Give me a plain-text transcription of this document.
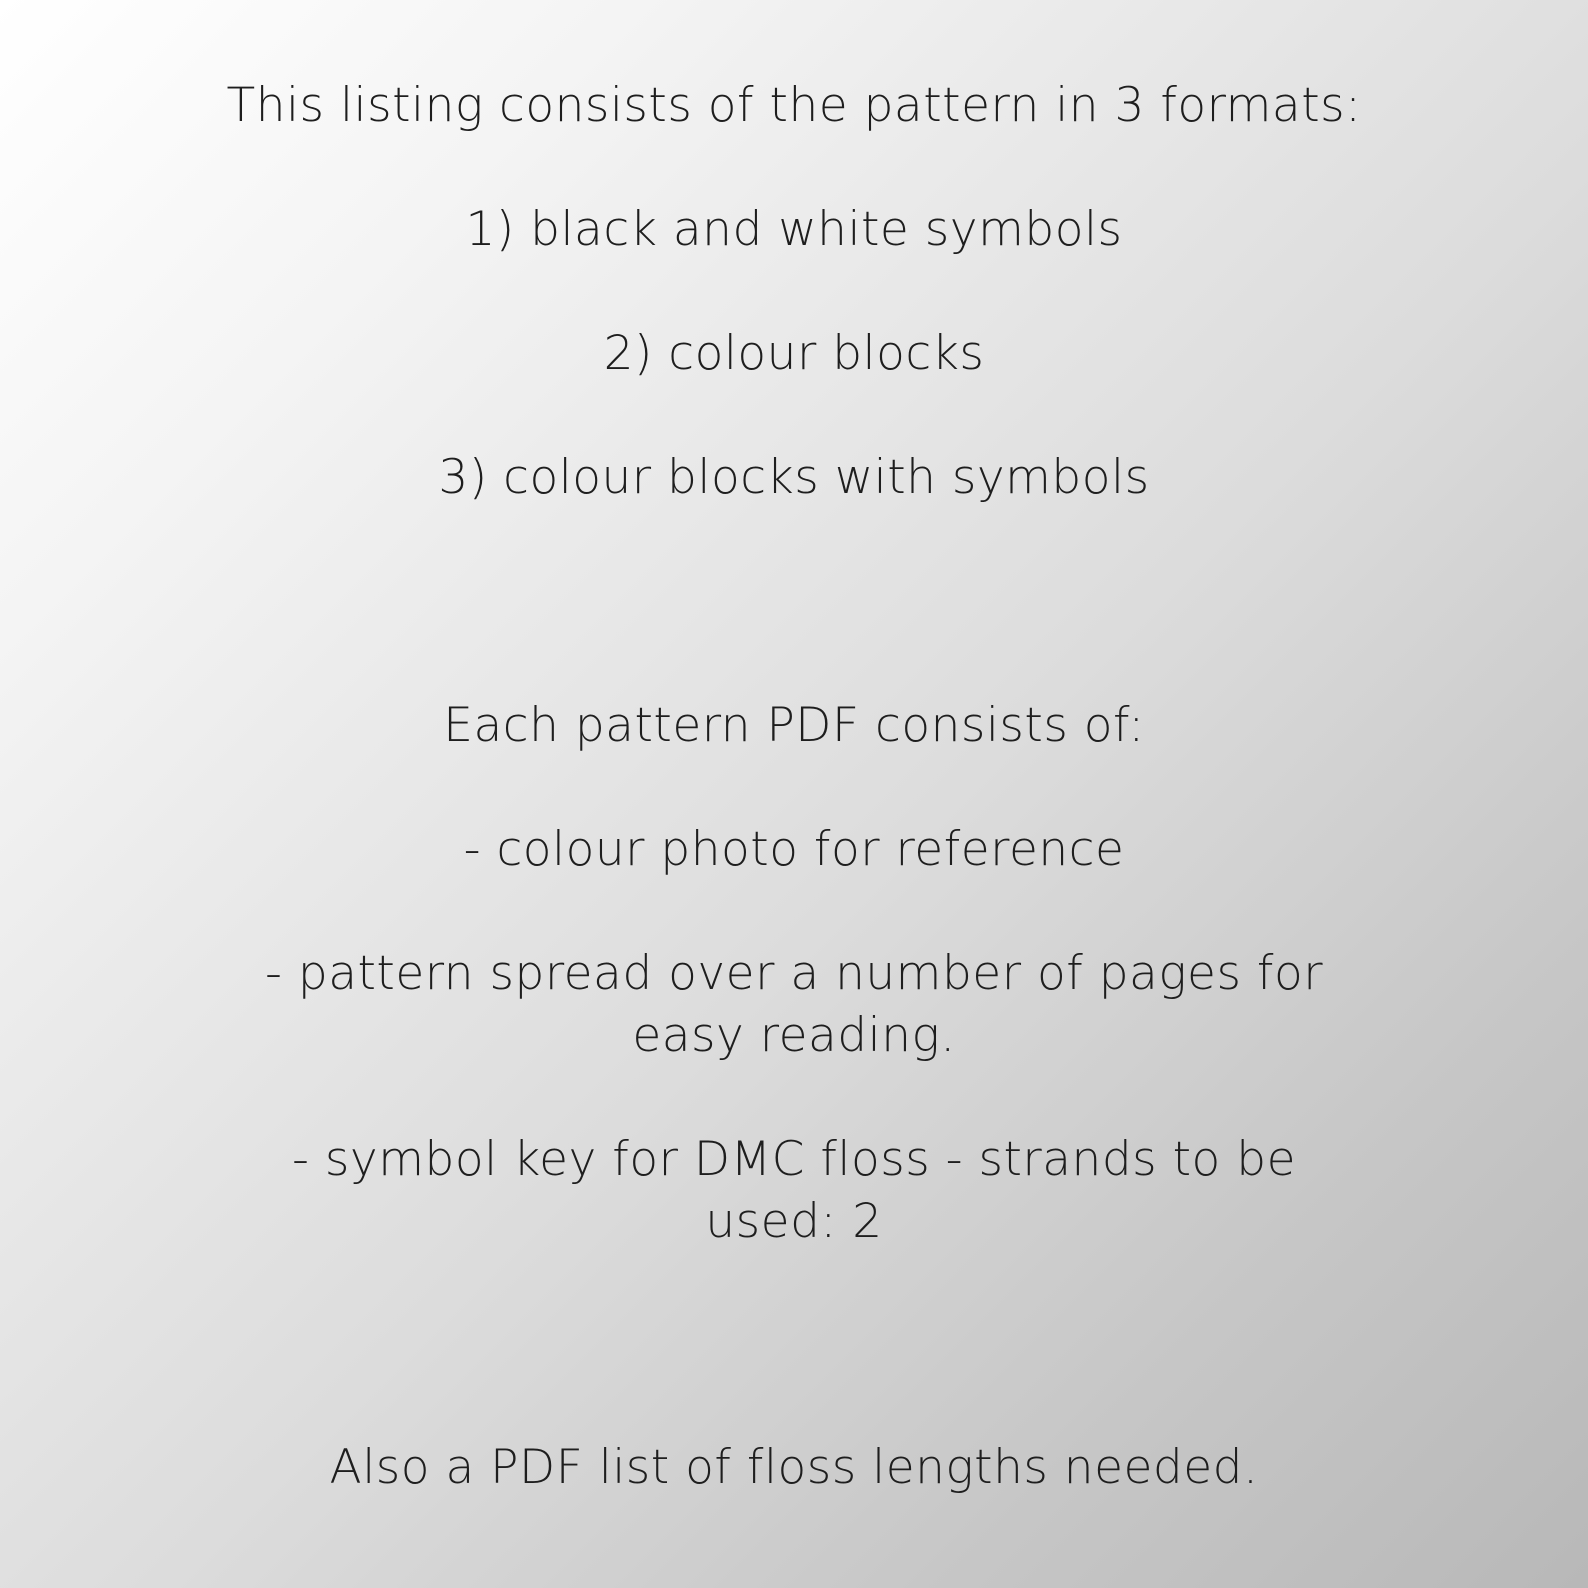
This listing consists of the pattern in 3 formats:
1) black and white symbols
2) colour blocks
3) colour blocks with symbols
Each pattern PDF consists of:
- colour photo for reference
- pattern spread over a number of pages for
easy reading.
- symbol key for DMC floss - strands to be
used: 2
Also a PDF list of floss lengths needed.
